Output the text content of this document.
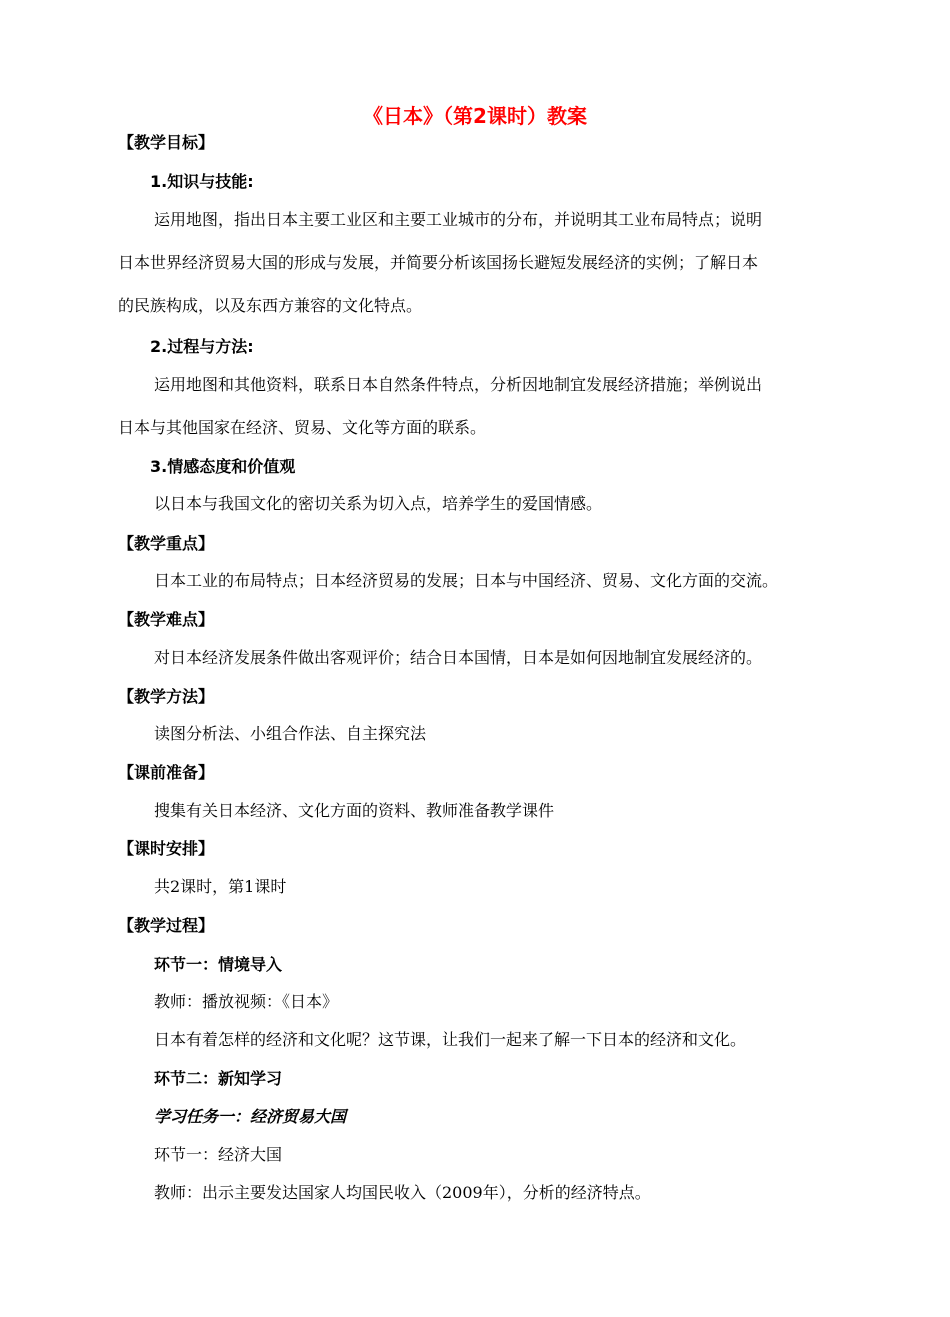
《日本》（第2课时）教案
【教学目标】
1.知识与技能:
运用地图，指出日本主要工业区和主要工业城市的分布，并说明其工业布局特点；说明
日本世界经济贸易大国的形成与发展，并简要分析该国扬长避短发展经济的实例；了解日本
的民族构成，以及东西方兼容的文化特点。
2.过程与方法:
运用地图和其他资料，联系日本自然条件特点，分析因地制宜发展经济措施；举例说出
日本与其他国家在经济、贸易、文化等方面的联系。
3.情感态度和价值观
以日本与我国文化的密切关系为切入点，培养学生的爱国情感。
【教学重点】
日本工业的布局特点；日本经济贸易的发展；日本与中国经济、贸易、文化方面的交流。
【教学难点】
对日本经济发展条件做出客观评价；结合日本国情，日本是如何因地制宜发展经济的。
【教学方法】
读图分析法、小组合作法、自主探究法
【课前准备】
搜集有关日本经济、文化方面的资料、教师准备教学课件
【课时安排】
共2课时，第1课时
【教学过程】
环节一：情境导入
教师：播放视频：《日本》
日本有着怎样的经济和文化呢？这节课，让我们一起来了解一下日本的经济和文化。
环节二：新知学习
学习任务一：经济贸易大国
环节一：经济大国
教师：出示主要发达国家人均国民收入（2009年），分析的经济特点。
